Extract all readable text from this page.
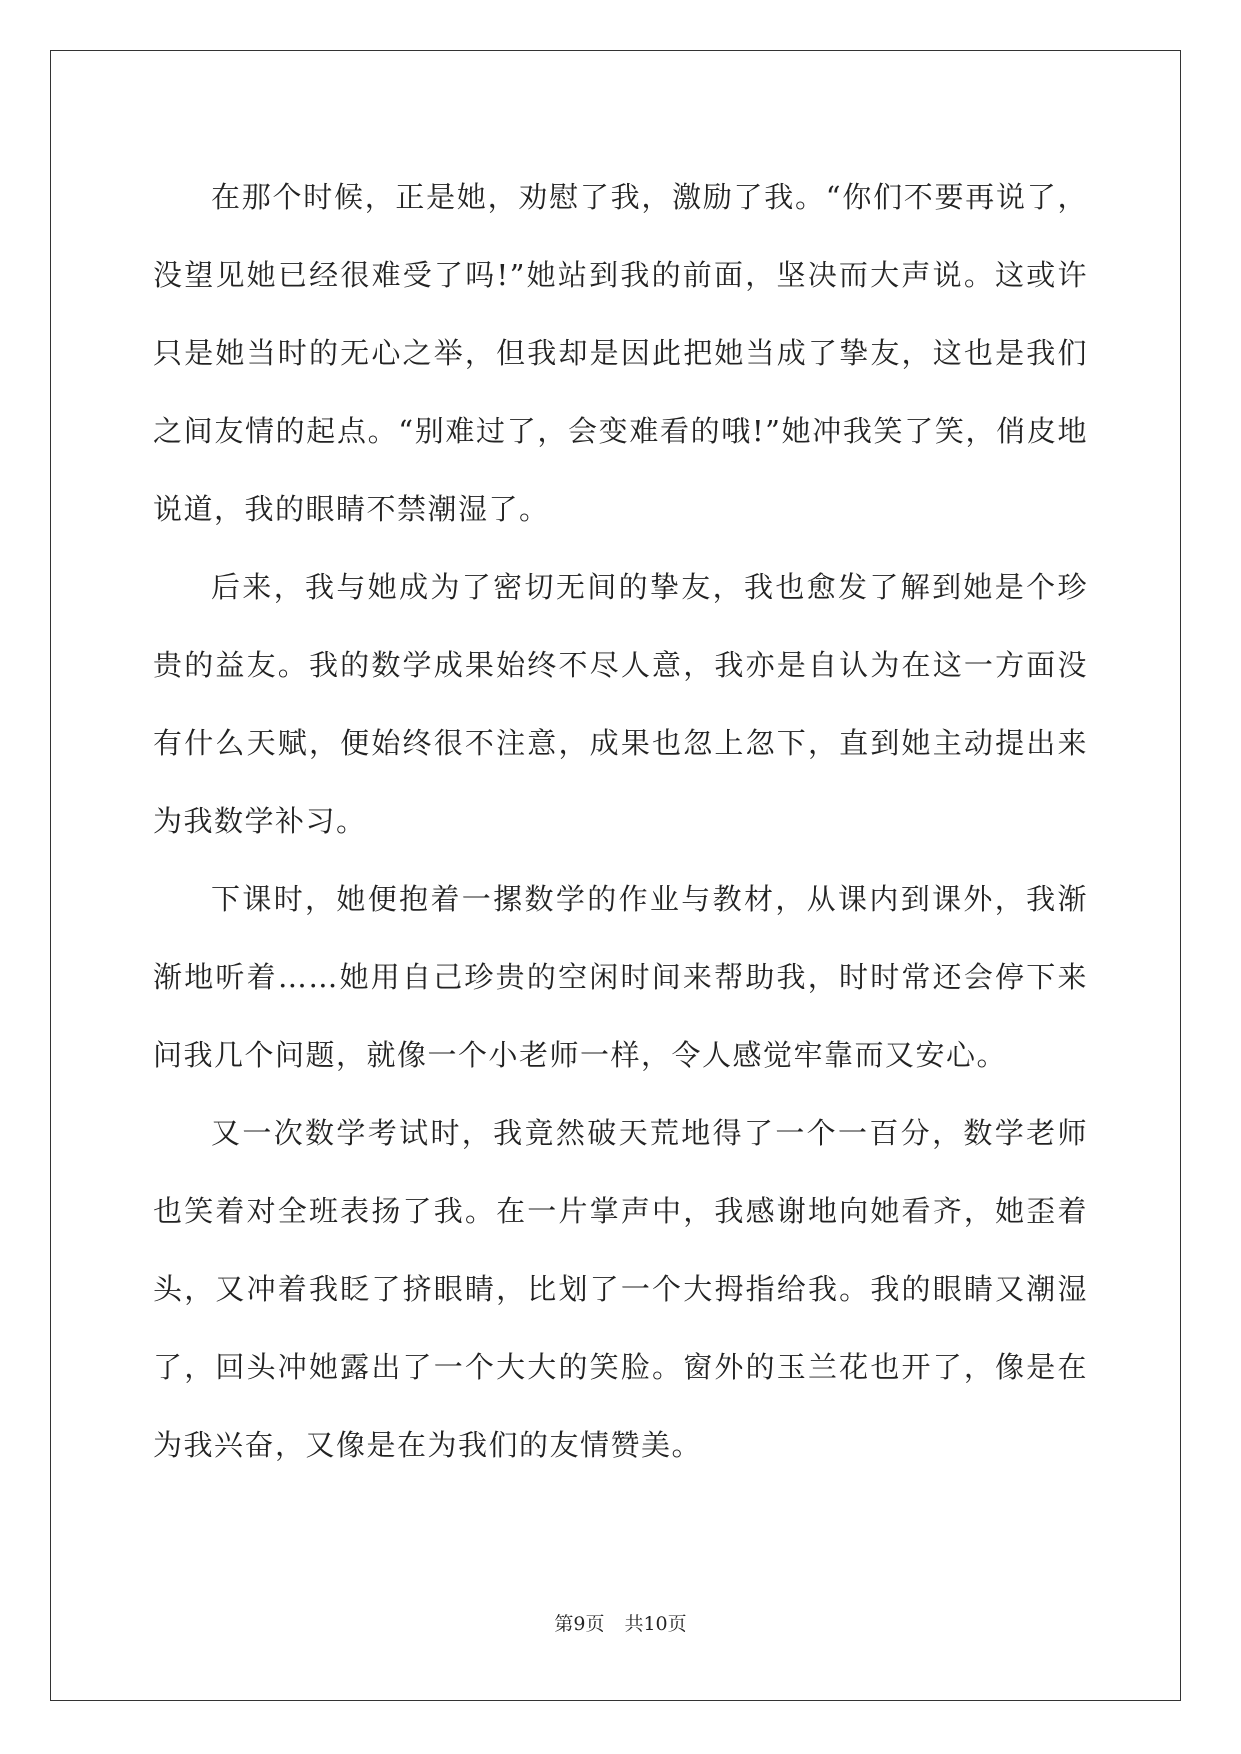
在那个时候，正是她，劝慰了我，激励了我。“你们不要再说了，没望见她已经很难受了吗!”她站到我的前面，坚决而大声说。这或许只是她当时的无心之举，但我却是因此把她当成了挚友，这也是我们之间友情的起点。“别难过了，会变难看的哦!”她冲我笑了笑，俏皮地说道，我的眼睛不禁潮湿了。

后来，我与她成为了密切无间的挚友，我也愈发了解到她是个珍贵的益友。我的数学成果始终不尽人意，我亦是自认为在这一方面没有什么天赋，便始终很不注意，成果也忽上忽下，直到她主动提出来为我数学补习。

下课时，她便抱着一摞数学的作业与教材，从课内到课外，我渐渐地听着……她用自己珍贵的空闲时间来帮助我，时时常还会停下来问我几个问题，就像一个小老师一样，令人感觉牢靠而又安心。

又一次数学考试时，我竟然破天荒地得了一个一百分，数学老师也笑着对全班表扬了我。在一片掌声中，我感谢地向她看齐，她歪着头，又冲着我眨了挤眼睛，比划了一个大拇指给我。我的眼睛又潮湿了，回头冲她露出了一个大大的笑脸。窗外的玉兰花也开了，像是在为我兴奋，又像是在为我们的友情赞美。

第9页 共10页
